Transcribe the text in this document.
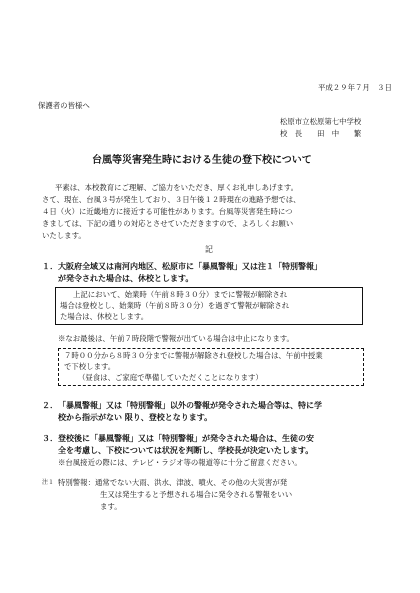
平成２９年７月　３日
保護者の皆様へ
松原市立松原第七中学校
校　長　　田　中　　繁
台風等災害発生時における生徒の登下校について
平素は、本校教育にご理解、ご協力をいただき、厚くお礼申しあげます。
さて、現在、台風３号が発生しており、３日午後１２時現在の進路予想では、
４日（火）に近畿地方に接近する可能性があります。台風等災害発生時につ
きましては、下記の通りの対応とさせていただきますので、よろしくお願い
いたします。
記
１． 大阪府全域又は南河内地区、松原市に「暴風警報」又は注１「特別警報」
が発令された場合は、休校とします。
上記において、始業時（午前８時３０分）までに警報が解除され
場合は登校とし、始業時（午前８時３０分）を過ぎて警報が解除され
た場合は、休校とします。
※なお最後は、午前７時段階で警報が出ている場合は中止になります。
７時００分から８時３０分までに警報が解除され登校した場合は、午前中授業
で下校します。
（昼食は、ご家庭で準備していただくことになります）
２． 「暴風警報」又は「特別警報」以外の警報が発令された場合等は、特に学
校から指示がない 限り、登校となります。
３． 登校後に「暴風警報」又は「特別警報」が発令された場合は、生徒の安
全を考慮し、下校については状況を判断し、学校長が決定いたします。
※台風接近の際には、テレビ・ラジオ等の報道等に十分ご留意ください。
注１ 特別警報：通常でない大雨、洪水、津波、噴火、その他の大災害が発
生又は発生すると予想される場合に発令される警報をいい
ます。
